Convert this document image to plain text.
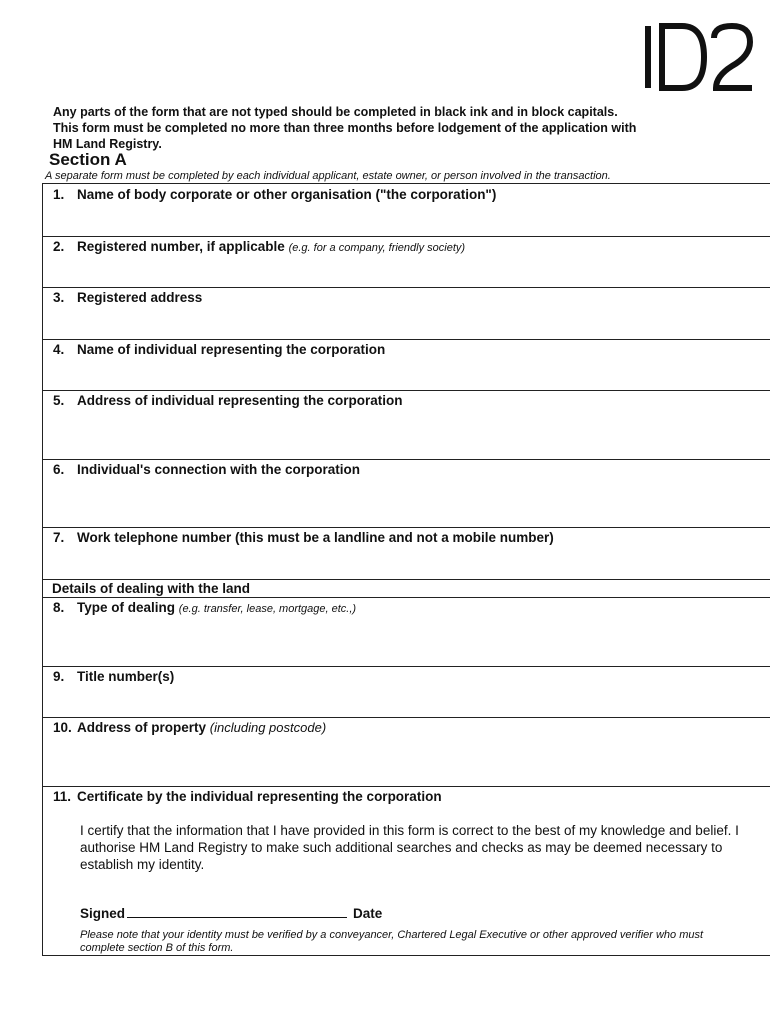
Any parts of the form that are not typed should be completed in black ink and in block capitals.
This form must be completed no more than three months before lodgement of the application with
HM Land Registry.
Section A
A separate form must be completed by each individual applicant, estate owner, or person involved in the transaction.
1. Name of body corporate or other organisation ("the corporation")
2. Registered number, if applicable (e.g. for a company, friendly society)
3. Registered address
4. Name of individual representing the corporation
5. Address of individual representing the corporation
6. Individual's connection with the corporation
7. Work telephone number (this must be a landline and not a mobile number)
Details of dealing with the land
8. Type of dealing (e.g. transfer, lease, mortgage, etc.,)
9. Title number(s)
10. Address of property (including postcode)
11. Certificate by the individual representing the corporation
I certify that the information that I have provided in this form is correct to the best of my knowledge and belief. I authorise HM Land Registry to make such additional searches and checks as may be deemed necessary to establish my identity.
Signed	Date
Please note that your identity must be verified by a conveyancer, Chartered Legal Executive or other approved verifier who must complete section B of this form.
